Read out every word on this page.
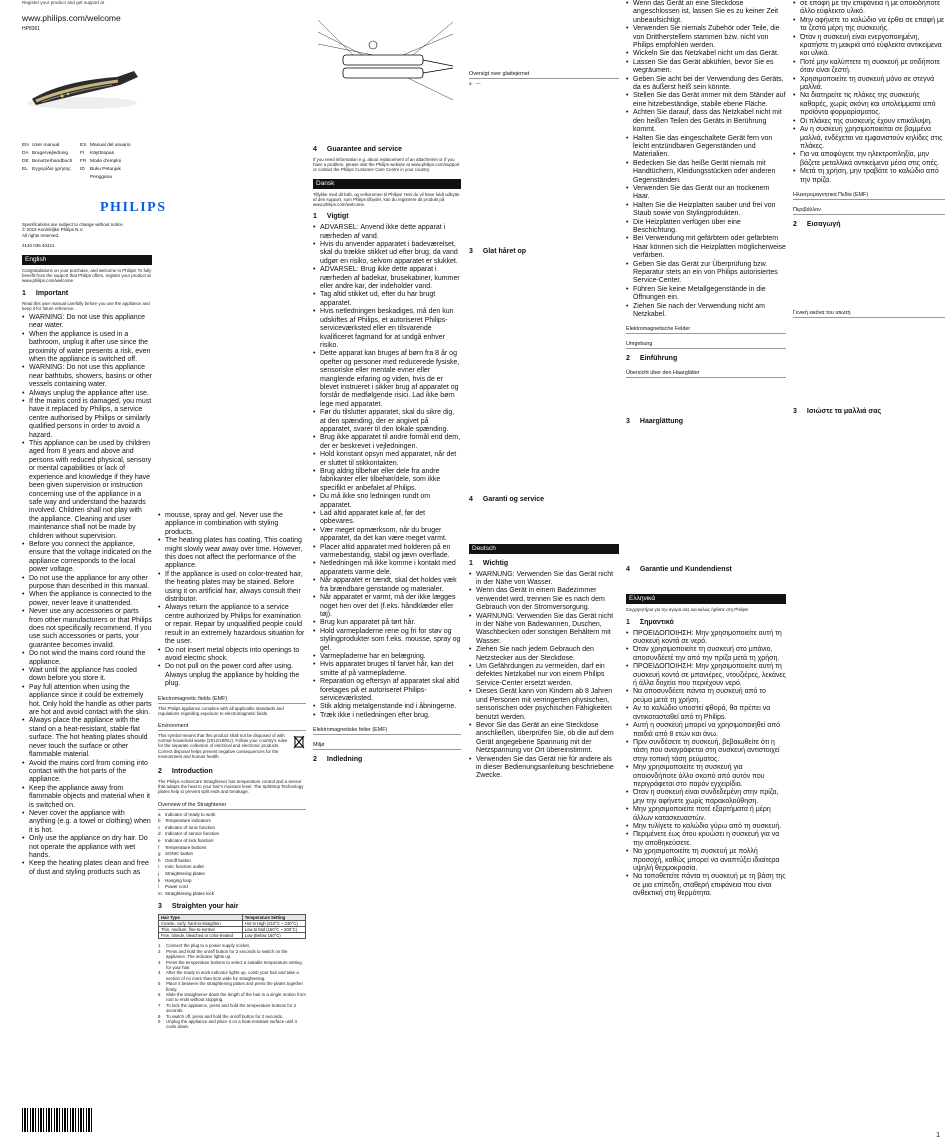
Register your product and get support at
www.philips.com/welcome
HP8361
EN User manual	ES Manual del usuario
DA Brugervejledning	FI	Käyttöopas
DE Benutzerhandbuch	FR Mode d'emploi
EL Εγχειρίδιο χρήσης	ID	Buku Petunjuk Pengguna
PHILIPS
Specifications are subject to change without notice
© 2015 Koninklijke Philips N.V.
All rights reserved.
3140 035 40421
English
Congratulations on your purchase, and welcome to Philips! To fully benefit from the support that Philips offers, register your product at www.philips.com/welcome.
1 Important
Read this user manual carefully before you use the appliance and keep it for future reference.
• WARNING: Do not use this appliance near water.
• When the appliance is used in a bathroom, unplug it after use since the proximity of water presents a risk, even when the appliance is switched off.
• WARNING: Do not use this appliance near bathtubs, showers, basins or other vessels containing water.
• Always unplug the appliance after use.
• If the mains cord is damaged, you must have it replaced by Philips, a service centre authorised by Philips or similarly qualified persons in order to avoid a hazard.
• This appliance can be used by children aged from 8 years and above and persons with reduced physical, sensory or mental capabilities or lack of experience and knowledge if they have been given supervision or instruction concerning use of the appliance in a safe way and understand the hazards involved. Children shall not play with the appliance. Cleaning and user maintenance shall not be made by children without supervision.
• Before you connect the appliance, ensure that the voltage indicated on the appliance corresponds to the local power voltage.
• Do not use the appliance for any other purpose than described in this manual.
• When the appliance is connected to the power, never leave it unattended.
• Never use any accessories or parts from other manufacturers or that Philips does not specifically recommend. If you use such accessories or parts, your guarantee becomes invalid.
• Do not wind the mains cord round the appliance.
• Wait until the appliance has cooled down before you store it.
• Pay full attention when using the appliance since it could be extremely hot. Only hold the handle as other parts are hot and avoid contact with the skin.
• Always place the appliance with the stand on a heat-resistant, stable flat surface. The hot heating plates should never touch the surface or other flammable material.
• Avoid the mains cord from coming into contact with the hot parts of the appliance.
• Keep the appliance away from flammable objects and material when it is switched on.
• Never cover the appliance with anything (e.g. a towel or clothing) when it is hot.
• Only use the appliance on dry hair. Do not operate the appliance with wet hands.
• Keep the heating plates clean and free of dust and styling products such as
• mousse, spray and gel. Never use the appliance in combination with styling products.
• The heating plates has coating. This coating might slowly wear away over time. However, this does not affect the performance of the appliance.
• If the appliance is used on color-treated hair, the heating plates may be stained. Before using it on artificial hair, always consult their distributor.
• Always return the appliance to a service centre authorized by Philips for examination or repair. Repair by unqualified people could result in an extremely hazardous situation for the user.
• Do not insert metal objects into openings to avoid electric shock.
• Do not pull on the power cord after using. Always unplug the appliance by holding the plug.
Electromagnetic fields (EMF)
This Philips appliance complies with all applicable standards and regulations regarding exposure to electromagnetic fields.
Environment
This symbol means that this product shall not be disposed of with normal household waste (2012/19/EU). Follow your country's rules for the separate collection of electrical and electronic products. Correct disposal helps prevent negative consequences for the environment and human health.
2 Introduction
The Philips ActiveCare Straightener has temperature control and a sensor that adapts the heat to your hair's moisture level. The SplitStop Technology plates help to prevent split ends and breakage.
Overview of the Straightener
a Indicator of ready to work
b Temperature indicators
c	Indicator of Ionic function
d Indicator of sensor function
e Indicator of lock function
f	Temperature buttons
g SONIC button
h On/off button
i	Ionic function outlet
j	Straightening plates
k	Hanging loop
l	Power cord
m Straightening plates lock
3 Straighten your hair
Hair Type	Temperature Setting
Coarse, curly, hard-to-straighten	Hot to High (210°C ~ 230°C)
Thin, medium, fine-to-normal	Low to Mid (160°C ~ 200°C)
Fine, blonde, bleached or color-treated	Low (Below 160°C)
1 Connect the plug to a power supply socket.
2 Press and hold the on/off button for 2 seconds to switch on the appliance. The indicator lights up.
3 Press the temperature buttons to select a suitable temperature setting for your hair.
4 After the ready to work indicator lights up, comb your hair and take a section of no more than 5cm wide for straightening.
5 Place it between the straightening plates and press the plates together firmly.
6 Slide the straightener down the length of the hair in a single motion from root to ends without stopping.
7 To lock the appliance, press and hold the temperature buttons for 2 seconds.
8 To switch off, press and hold the on/off button for 2 seconds.
9 Unplug the appliance and place it on a heat-resistant surface until it cools down.
4 Guarantee and service
If you need information e.g. about replacement of an attachment or if you have a problem, please visit the Philips website at www.philips.com/support or contact the Philips Customer Care Centre in your country.
Dansk
Tillykke med dit køb, og velkommen til Philips! Hvis du vil have fuldt udbytte af den support, som Philips tilbyder, kan du registrere dit produkt på www.philips.com/welcome.
1 Vigtigt
• ADVARSEL: Anvend ikke dette apparat i nærheden af vand.
• Hvis du anvender apparatet i badeværelset, skal du trække stikket ud efter brug, da vand udgør en risiko, selvom apparatet er slukket.
• ADVARSEL: Brug ikke dette apparat i nærheden af badekar, brusekabiner, kummer eller andre kar, der indeholder vand.
• Tag altid stikket ud, efter du har brugt apparatet.
• Hvis netledningen beskadiges, må den kun udskiftes af Philips, et autoriseret Philips-serviceværksted eller en tilsvarende kvalificeret fagmand for at undgå enhver risiko.
• Dette apparat kan bruges af børn fra 8 år og opefter og personer med reducerede fysiske, sensoriske eller mentale evner eller manglende erfaring og viden, hvis de er blevet instrueret i sikker brug af apparatet og forstår de medfølgende risici. Lad ikke børn lege med apparatet.
• Før du tilslutter apparatet, skal du sikre dig, at den spænding, der er angivet på apparatet, svarer til den lokale spænding.
• Brug ikke apparatet til andre formål end dem, der er beskrevet i vejledningen.
• Hold konstant opsyn med apparatet, når det er sluttet til stikkontakten.
• Brug aldrig tilbehør eller dele fra andre fabrikanter eller tilbehør/dele, som ikke specifikt er anbefalet af Philips.
• Du må ikke sno ledningen rundt om apparatet.
• Lad altid apparatet køle af, før det opbevares.
• Vær meget opmærksom, når du bruger apparatet, da det kan være meget varmt.
• Placer altid apparatet med holderen på en varmebestandig, stabil og jævn overflade.
• Netledningen må ikke komme i kontakt med apparatets varme dele.
• Når apparatet er tændt, skal det holdes væk fra brændbare genstande og materialer.
• Når apparatet er varmt, må der ikke lægges noget hen over det (f.eks. håndklæder eller tøj).
• Brug kun apparatet på tørt hår.
• Hold varmepladerne rene og fri for støv og stylingprodukter som f.eks. mousse, spray og gel.
• Varmepladerne har en belægning.
• Hvis apparatet bruges til farvet hår, kan det smitte af på varmepladerne.
• Reparation og eftersyn af apparatet skal altid foretages på et autoriseret Philips-serviceværksted.
• Stik aldrig metalgenstande ind i åbningerne.
• Træk ikke i netledningen efter brug.
Elektromagnetiske felter (EMF)
Miljø
2 Indledning
Oversigt over glattejernet
a —
3 Glat håret op
4 Garanti og service
Deutsch
1 Wichtig
• WARNUNG: Verwenden Sie das Gerät nicht in der Nähe von Wasser.
• Wenn das Gerät in einem Badezimmer verwendet wird, trennen Sie es nach dem Gebrauch von der Stromversorgung.
• WARNUNG: Verwenden Sie das Gerät nicht in der Nähe von Badewannen, Duschen, Waschbecken oder sonstigen Behältern mit Wasser.
• Ziehen Sie nach jedem Gebrauch den Netzstecker aus der Steckdose.
• Um Gefährdungen zu vermeiden, darf ein defektes Netzkabel nur von einem Philips Service-Center ersetzt werden.
• Dieses Gerät kann von Kindern ab 8 Jahren und Personen mit verringerten physischen, sensorischen oder psychischen Fähigkeiten benutzt werden.
• Bevor Sie das Gerät an eine Steckdose anschließen, überprüfen Sie, ob die auf dem Gerät angegebene Spannung mit der Netzspannung vor Ort übereinstimmt.
• Verwenden Sie das Gerät nie für andere als in dieser Bedienungsanleitung beschriebene Zwecke.
• Wenn das Gerät an eine Steckdose angeschlossen ist, lassen Sie es zu keiner Zeit unbeaufsichtigt.
• Verwenden Sie niemals Zubehör oder Teile, die von Drittherstellern stammen bzw. nicht von Philips empfohlen werden.
• Wickeln Sie das Netzkabel nicht um das Gerät.
• Lassen Sie das Gerät abkühlen, bevor Sie es wegräumen.
• Geben Sie acht bei der Verwendung des Geräts, da es äußerst heiß sein könnte.
• Stellen Sie das Gerät immer mit dem Ständer auf eine hitzebeständige, stabile ebene Fläche.
• Achten Sie darauf, dass das Netzkabel nicht mit den heißen Teilen des Geräts in Berührung kommt.
• Halten Sie das eingeschaltete Gerät fern von leicht entzündbaren Gegenständen und Materialien.
• Bedecken Sie das heiße Gerät niemals mit Handtüchern, Kleidungsstücken oder anderen Gegenständen.
• Verwenden Sie das Gerät nur an trockenem Haar.
• Halten Sie die Heizplatten sauber und frei von Staub sowie von Stylingprodukten.
• Die Heizplatten verfügen über eine Beschichtung.
• Bei Verwendung mit gefärbtem oder gefärbtem Haar können sich die Heizplatten möglicherweise verfärben.
• Geben Sie das Gerät zur Überprüfung bzw. Reparatur stets an ein von Philips autorisiertes Service-Center.
• Führen Sie keine Metallgegenstände in die Öffnungen ein.
• Ziehen Sie nach der Verwendung nicht am Netzkabel.
Elektromagnetische Felder
Umgebung
2 Einführung
Übersicht über den Haarglätter
3 Haarglättung
4 Garantie und Kundendienst
Ελληνικά
Συγχαρητήρια για την αγορά σας και καλώς ήρθατε στη Philips!
1 Σημαντικό
• ΠΡΟΕΙΔΟΠΟΙΗΣΗ: Μην χρησιμοποιείτε αυτή τη συσκευή κοντά σε νερό.
• Όταν χρησιμοποιείτε τη συσκευή στο μπάνιο, αποσυνδέετέ την από την πρίζα μετά τη χρήση.
• ΠΡΟΕΙΔΟΠΟΙΗΣΗ: Μην χρησιμοποιείτε αυτή τη συσκευή κοντά σε μπανιέρες, ντουζιέρες, λεκάνες ή άλλα δοχεία που περιέχουν νερό.
• Να αποσυνδέετε πάντα τη συσκευή από το ρεύμα μετά τη χρήση.
• Αν το καλώδιο υποστεί φθορά, θα πρέπει να αντικατασταθεί από τη Philips.
• Αυτή η συσκευή μπορεί να χρησιμοποιηθεί από παιδιά από 8 ετών και άνω.
• Πριν συνδέσετε τη συσκευή, βεβαιωθείτε ότι η τάση που αναγράφεται στη συσκευή αντιστοιχεί στην τοπική τάση ρεύματος.
• Μην χρησιμοποιείτε τη συσκευή για οποιονδήποτε άλλο σκοπό από αυτόν που περιγράφεται στο παρόν εγχειρίδιο.
• Όταν η συσκευή είναι συνδεδεμένη στην πρίζα, μην την αφήνετε χωρίς παρακολούθηση.
• Μην χρησιμοποιείτε ποτέ εξαρτήματα ή μέρη άλλων κατασκευαστών.
• Μην τυλίγετε το καλώδιο γύρω από τη συσκευή.
• Περιμένετε έως ότου κρυώσει η συσκευή για να την αποθηκεύσετε.
• Να χρησιμοποιείτε τη συσκευή με πολλή προσοχή, καθώς μπορεί να αναπτύξει ιδιαίτερα υψηλή θερμοκρασία.
• Να τοποθετείτε πάντα τη συσκευή με τη βάση της σε μια επίπεδη, σταθερή επιφάνεια που είναι ανθεκτική στη θερμότητα.
• σε επαφή με την επιφάνεια ή με οποιοδήποτε άλλο εύφλεκτο υλικό.
• Μην αφήνετε το καλώδιο να έρθει σε επαφή με τα ζεστά μέρη της συσκευής.
• Όταν η συσκευή είναι ενεργοποιημένη, κρατήστε τη μακριά από εύφλεκτα αντικείμενα και υλικά.
• Ποτέ μην καλύπτετε τη συσκευή με οτιδήποτε όταν είναι ζεστή.
• Χρησιμοποιείτε τη συσκευή μόνο σε στεγνά μαλλιά.
• Να διατηρείτε τις πλάκες της συσκευής καθαρές, χωρίς σκόνη και υπολείμματα από προϊόντα φορμαρίσματος.
• Οι πλάκες της συσκευής έχουν επικάλυψη.
• Αν η συσκευή χρησιμοποιείται σε βαμμένα μαλλιά, ενδέχεται να εμφανιστούν κηλίδες στις πλάκες.
• Για να αποφύγετε την ηλεκτροπληξία, μην βάζετε μεταλλικά αντικείμενα μέσα στις οπές.
• Μετά τη χρήση, μην τραβάτε το καλώδιο από την πρίζα.
Ηλεκτρομαγνητικά Πεδία (EMF)
Περιβάλλον
2 Εισαγωγή
Γενική εικόνα του ισιωτή
3 Ισιώστε τα μαλλιά σας
1
